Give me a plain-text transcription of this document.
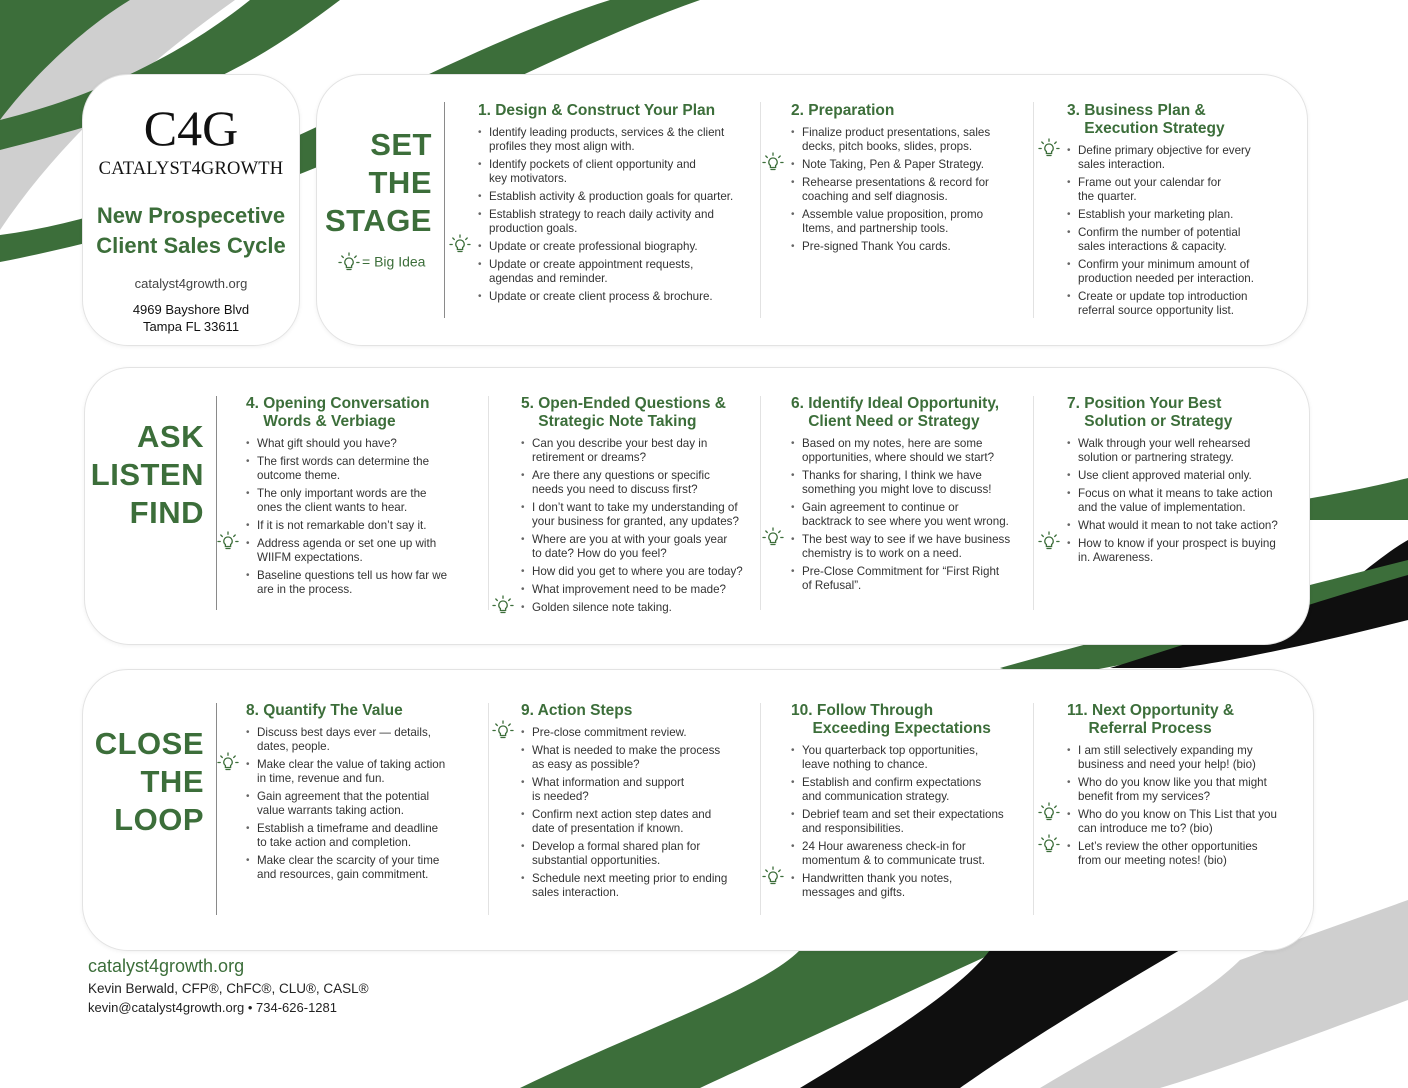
C4G
CATALYST4GROWTH
New Prospecetive
Client Sales Cycle
catalyst4growth.org
4969 Bayshore Blvd
Tampa FL 33611
SET
THE
STAGE
= Big Idea
ASK
LISTEN
FIND
CLOSE
THE
LOOP
1. Design & Construct Your Plan
• Identify leading products, services & the client
profiles they most align with.
• Identify pockets of client opportunity and
key motivators.
• Establish activity & production goals for quarter.
• Establish strategy to reach daily activity and
production goals.
• Update or create professional biography.
• Update or create appointment requests,
agendas and reminder.
• Update or create client process & brochure.
2. Preparation
• Finalize product presentations, sales
decks, pitch books, slides, props.
• Note Taking, Pen & Paper Strategy.
• Rehearse presentations & record for
coaching and self diagnosis.
• Assemble value proposition, promo
Items, and partnership tools.
• Pre-signed Thank You cards.
3. Business Plan &
Execution Strategy
• Define primary objective for every
sales interaction.
• Frame out your calendar for
the quarter.
• Establish your marketing plan.
• Confirm the number of potential
sales interactions & capacity.
• Confirm your minimum amount of
production needed per interaction.
• Create or update top introduction
referral source opportunity list.
4. Opening Conversation
Words & Verbiage
• What gift should you have?
• The first words can determine the
outcome theme.
• The only important words are the
ones the client wants to hear.
• If it is not remarkable don’t say it.
• Address agenda or set one up with
WIIFM expectations.
• Baseline questions tell us how far we
are in the process.
5. Open-Ended Questions &
Strategic Note Taking
• Can you describe your best day in
retirement or dreams?
• Are there any questions or specific
needs you need to discuss first?
• I don’t want to take my understanding of
your business for granted, any updates?
• Where are you at with your goals year
to date? How do you feel?
• How did you get to where you are today?
• What improvement need to be made?
• Golden silence note taking.
6. Identify Ideal Opportunity,
Client Need or Strategy
• Based on my notes, here are some
opportunities, where should we start?
• Thanks for sharing, I think we have
something you might love to discuss!
• Gain agreement to continue or
backtrack to see where you went wrong.
• The best way to see if we have business
chemistry is to work on a need.
• Pre-Close Commitment for “First Right
of Refusal”.
7. Position Your Best
Solution or Strategy
• Walk through your well rehearsed
solution or partnering strategy.
• Use client approved material only.
• Focus on what it means to take action
and the value of implementation.
• What would it mean to not take action?
• How to know if your prospect is buying
in. Awareness.
8. Quantify The Value
• Discuss best days ever — details,
dates, people.
• Make clear the value of taking action
in time, revenue and fun.
• Gain agreement that the potential
value warrants taking action.
• Establish a timeframe and deadline
to take action and completion.
• Make clear the scarcity of your time
and resources, gain commitment.
9. Action Steps
• Pre-close commitment review.
• What is needed to make the process
as easy as possible?
• What information and support
is needed?
• Confirm next action step dates and
date of presentation if known.
• Develop a formal shared plan for
substantial opportunities.
• Schedule next meeting prior to ending
sales interaction.
10. Follow Through
Exceeding Expectations
• You quarterback top opportunities,
leave nothing to chance.
• Establish and confirm expectations
and communication strategy.
• Debrief team and set their expectations
and responsibilities.
• 24 Hour awareness check-in for
momentum & to communicate trust.
• Handwritten thank you notes,
messages and gifts.
11. Next Opportunity &
Referral Process
• I am still selectively expanding my
business and need your help! (bio)
• Who do you know like you that might
benefit from my services?
• Who do you know on This List that you
can introduce me to? (bio)
• Let’s review the other opportunities
from our meeting notes! (bio)
catalyst4growth.org
Kevin Berwald, CFP®, ChFC®, CLU®, CASL®
kevin@catalyst4growth.org • 734-626-1281
